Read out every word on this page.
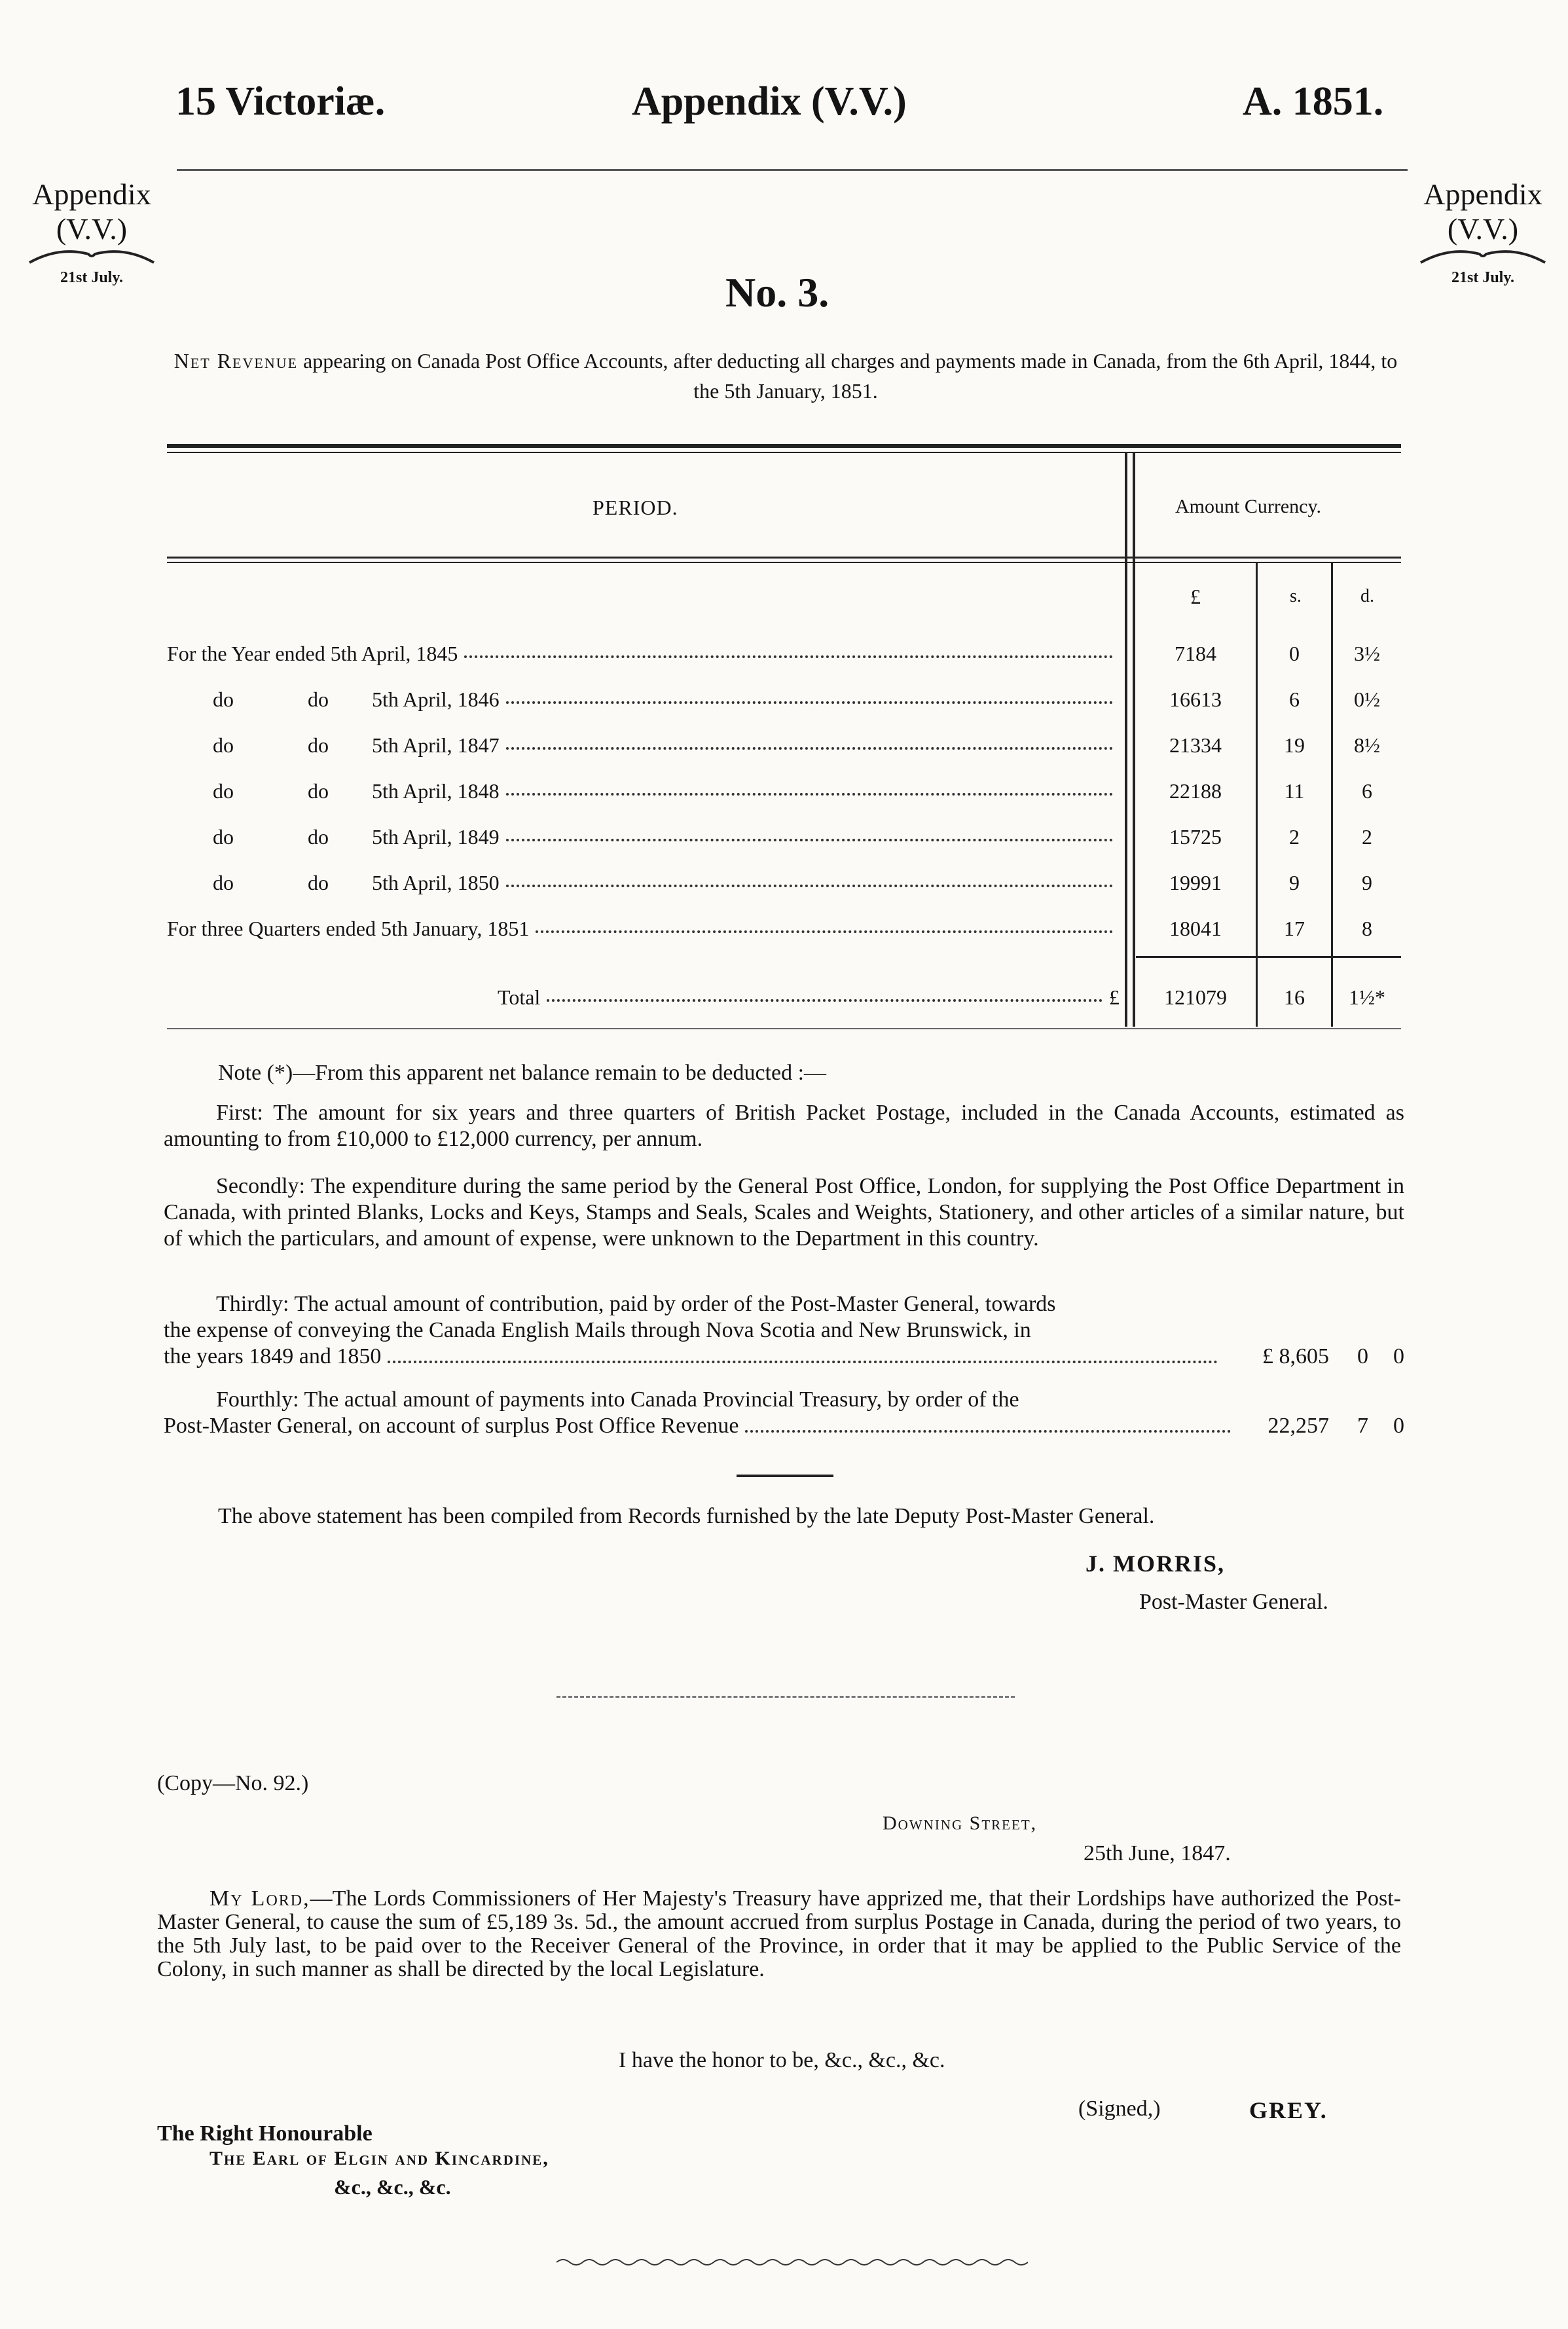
15 Victoriæ.	Appendix (V.V.)	A. 1851.
Appendix
(V.V.)
21st July.
Appendix
(V.V.)
21st July.
No. 3.
Net Revenue appearing on Canada Post Office Accounts, after deducting all charges and payments made in Canada, from the 6th April, 1844, to the 5th January, 1851.
PERIOD.	Amount Currency.
£	s.	d.
For the Year ended 5th April, 1845	7184	0	3½
do	do	5th April, 1846	16613	6	0½
do	do	5th April, 1847	21334	19	8½
do	do	5th April, 1848	22188	11	6
do	do	5th April, 1849	15725	2	2
do	do	5th April, 1850	19991	9	9
For three Quarters ended 5th January, 1851	18041	17	8
Total	£	121079	16	1½*
Note (*)—From this apparent net balance remain to be deducted :—
First: The amount for six years and three quarters of British Packet Postage, included in the Canada Accounts, estimated as amounting to from £10,000 to £12,000 currency, per annum.
Secondly: The expenditure during the same period by the General Post Office, London, for supplying the Post Office Department in Canada, with printed Blanks, Locks and Keys, Stamps and Seals, Scales and Weights, Stationery, and other articles of a similar nature, but of which the particulars, and amount of expense, were unknown to the Department in this country.
Thirdly: The actual amount of contribution, paid by order of the Post-Master General, towards
the expense of conveying the Canada English Mails through Nova Scotia and New Brunswick, in
the years 1849 and 1850	£ 8,605	0	0
Fourthly: The actual amount of payments into Canada Provincial Treasury, by order of the
Post-Master General, on account of surplus Post Office Revenue	22,257	7	0
The above statement has been compiled from Records furnished by the late Deputy Post-Master General.
J. MORRIS,
Post-Master General.
(Copy—No. 92.)
Downing Street,
25th June, 1847.
My Lord,—The Lords Commissioners of Her Majesty's Treasury have apprized me, that their Lordships have authorized the Post-Master General, to cause the sum of £5,189 3s. 5d., the amount accrued from surplus Postage in Canada, during the period of two years, to the 5th July last, to be paid over to the Receiver General of the Province, in order that it may be applied to the Public Service of the Colony, in such manner as shall be directed by the local Legislature.
I have the honor to be, &c., &c., &c.
(Signed,)	GREY.
The Right Honourable
The Earl of Elgin and Kincardine,
&c., &c., &c.
